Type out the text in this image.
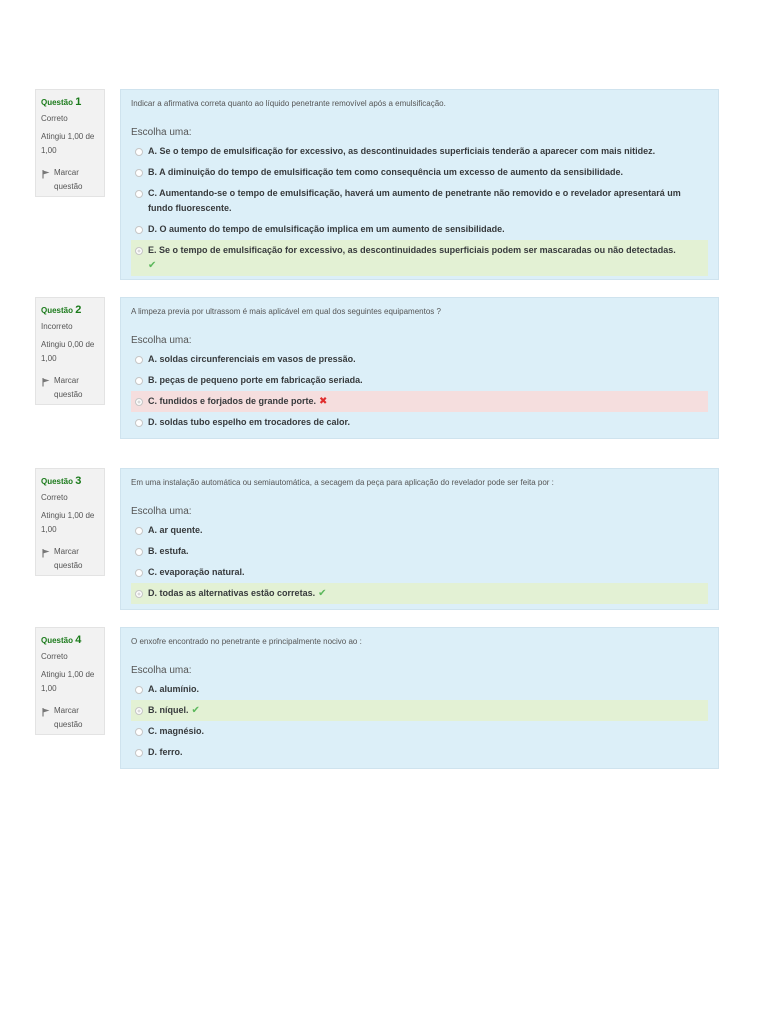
Questão 1
Correto
Atingiu 1,00 de 1,00
Marcar questão
Indicar a afirmativa correta quanto ao líquido penetrante removível após a emulsificação.
Escolha uma:
A. Se o tempo de emulsificação for excessivo, as descontinuidades superficiais tenderão a aparecer com mais nitidez.
B. A diminuição do tempo de emulsificação tem como consequência um excesso de aumento da sensibilidade.
C. Aumentando-se o tempo de emulsificação, haverá um aumento de penetrante não removido e o revelador apresentará um fundo fluorescente.
D. O aumento do tempo de emulsificação implica em um aumento de sensibilidade.
E. Se o tempo de emulsificação for excessivo, as descontinuidades superficiais podem ser mascaradas ou não detectadas.
✔
Questão 2
Incorreto
Atingiu 0,00 de 1,00
Marcar questão
A limpeza previa por ultrassom é mais aplicável em qual dos seguintes equipamentos ?
Escolha uma:
A. soldas circunferenciais em vasos de pressão.
B. peças de pequeno porte em fabricação seriada.
C. fundidos e forjados de grande porte. ✖
D. soldas tubo espelho em trocadores de calor.
Questão 3
Correto
Atingiu 1,00 de 1,00
Marcar questão
Em uma instalação automática ou semiautomática, a secagem da peça para aplicação do revelador pode ser feita por :
Escolha uma:
A. ar quente.
B. estufa.
C. evaporação natural.
D. todas as alternativas estão corretas. ✔
Questão 4
Correto
Atingiu 1,00 de 1,00
Marcar questão
O enxofre encontrado no penetrante e principalmente nocivo ao :
Escolha uma:
A. alumínio.
B. níquel. ✔
C. magnésio.
D. ferro.
